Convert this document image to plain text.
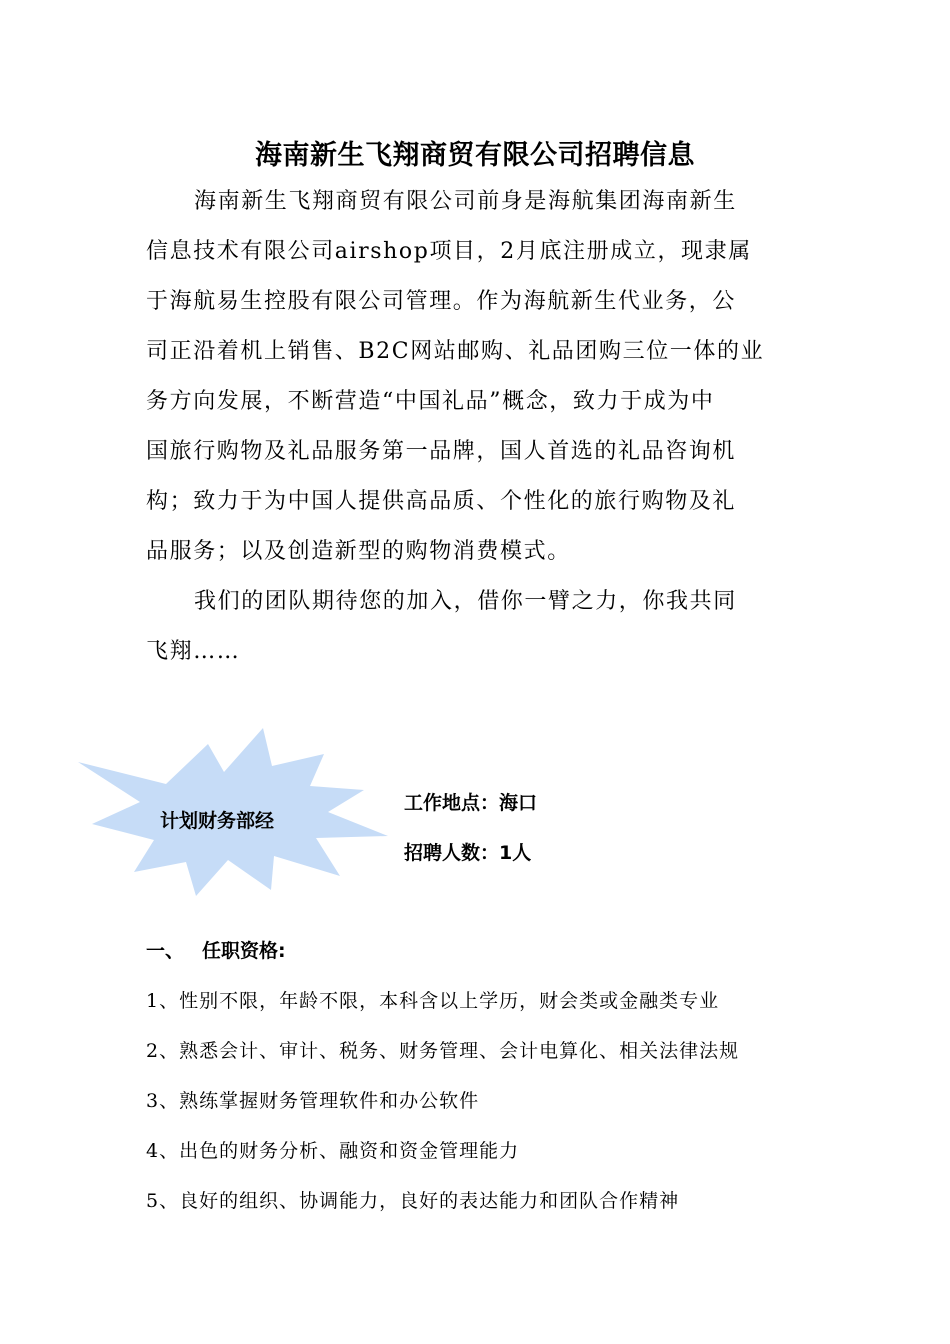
海南新生飞翔商贸有限公司招聘信息
海南新生飞翔商贸有限公司前身是海航集团海南新生
信息技术有限公司airshop项目，2月底注册成立，现隶属
于海航易生控股有限公司管理。作为海航新生代业务，公
司正沿着机上销售、B2C网站邮购、礼品团购三位一体的业
务方向发展，不断营造“中国礼品”概念，致力于成为中
国旅行购物及礼品服务第一品牌，国人首选的礼品咨询机
构；致力于为中国人提供高品质、个性化的旅行购物及礼
品服务；以及创造新型的购物消费模式。
我们的团队期待您的加入，借你一臂之力，你我共同
飞翔……
计划财务部经
工作地点：海口
招聘人数：1人
一、 任职资格:
1、性别不限，年龄不限，本科含以上学历，财会类或金融类专业
2、熟悉会计、审计、税务、财务管理、会计电算化、相关法律法规
3、熟练掌握财务管理软件和办公软件
4、出色的财务分析、融资和资金管理能力
5、良好的组织、协调能力，良好的表达能力和团队合作精神
